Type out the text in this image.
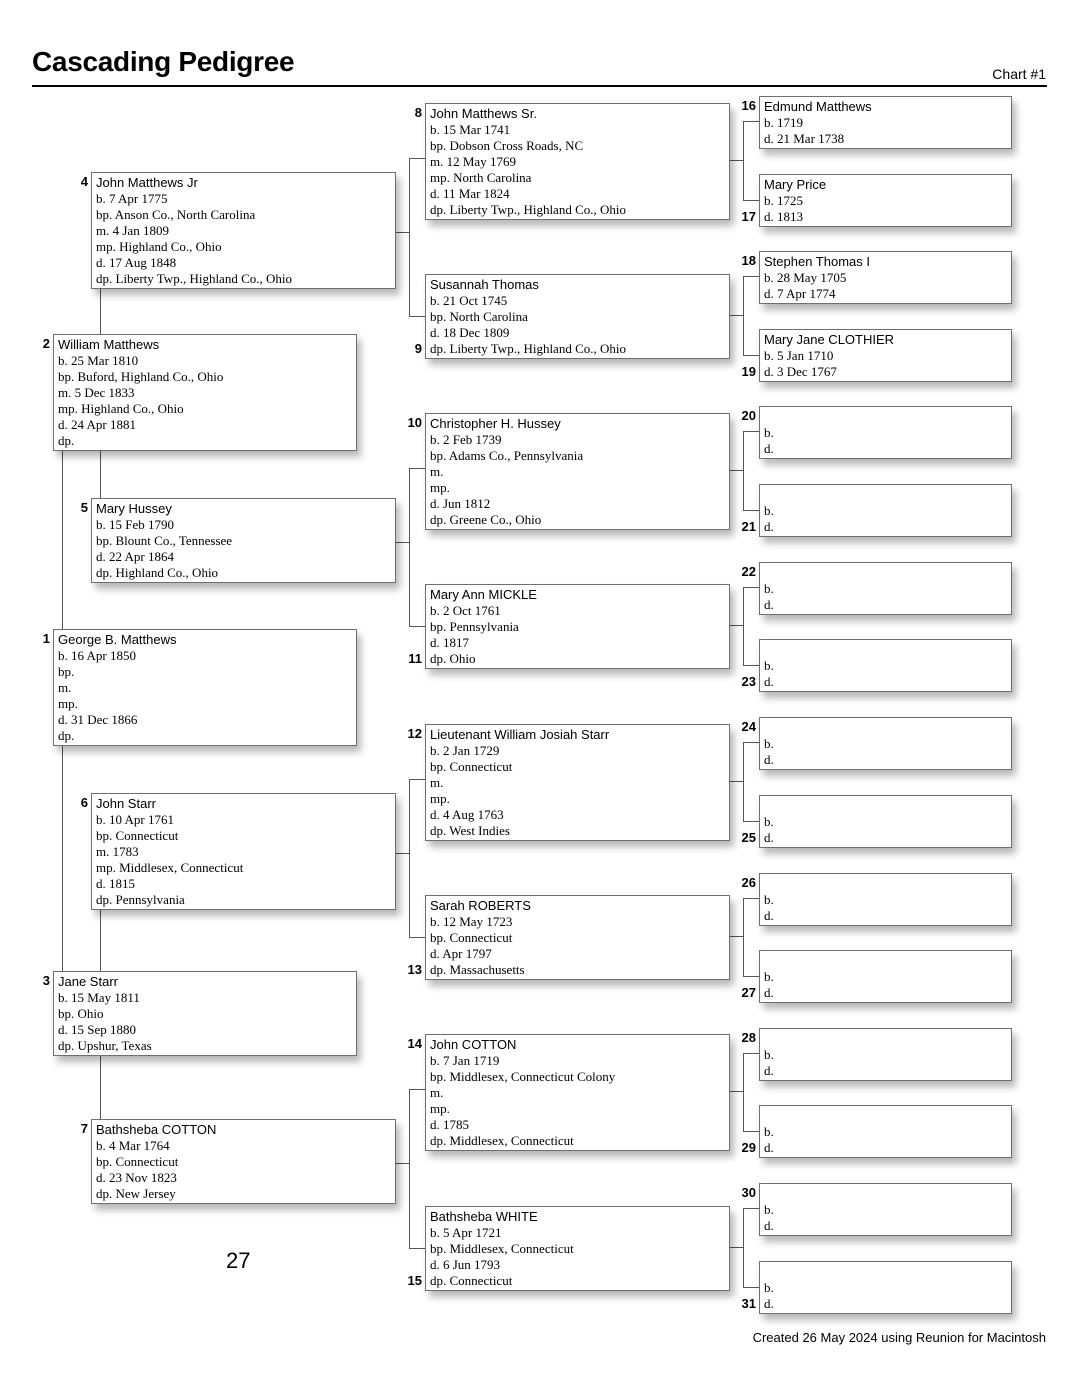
Cascading Pedigree	Chart #1
George B. Matthews
b. 16 Apr 1850
bp.
m.
mp.
d. 31 Dec 1866
dp.
1
William Matthews
b. 25 Mar 1810
bp. Buford, Highland Co., Ohio
m. 5 Dec 1833
mp. Highland Co., Ohio
d. 24 Apr 1881
dp.
2
Jane Starr
b. 15 May 1811
bp. Ohio
d. 15 Sep 1880
dp. Upshur, Texas
3
John Matthews Jr
b. 7 Apr 1775
bp. Anson Co., North Carolina
m. 4 Jan 1809
mp. Highland Co., Ohio
d. 17 Aug 1848
dp. Liberty Twp., Highland Co., Ohio
4
Mary Hussey
b. 15 Feb 1790
bp. Blount Co., Tennessee
d. 22 Apr 1864
dp. Highland Co., Ohio
5
John Starr
b. 10 Apr 1761
bp. Connecticut
m. 1783
mp. Middlesex, Connecticut
d. 1815
dp. Pennsylvania
6
Bathsheba COTTON
b. 4 Mar 1764
bp. Connecticut
d. 23 Nov 1823
dp. New Jersey
7
John Matthews Sr.
b. 15 Mar 1741
bp. Dobson Cross Roads, NC
m. 12 May 1769
mp. North Carolina
d. 11 Mar 1824
dp. Liberty Twp., Highland Co., Ohio
8
Susannah Thomas
b. 21 Oct 1745
bp. North Carolina
d. 18 Dec 1809
dp. Liberty Twp., Highland Co., Ohio
9
Christopher H. Hussey
b. 2 Feb 1739
bp. Adams Co., Pennsylvania
m.
mp.
d. Jun 1812
dp. Greene Co., Ohio
10
Mary Ann MICKLE
b. 2 Oct 1761
bp. Pennsylvania
d. 1817
dp. Ohio
11
Lieutenant William Josiah Starr
b. 2 Jan 1729
bp. Connecticut
m.
mp.
d. 4 Aug 1763
dp. West Indies
12
Sarah ROBERTS
b. 12 May 1723
bp. Connecticut
d. Apr 1797
dp. Massachusetts
13
John COTTON
b. 7 Jan 1719
bp. Middlesex, Connecticut Colony
m.
mp.
d. 1785
dp. Middlesex, Connecticut
14
Bathsheba WHITE
b. 5 Apr 1721
bp. Middlesex, Connecticut
d. 6 Jun 1793
dp. Connecticut
15
Edmund Matthews
b. 1719
d. 21 Mar 1738
16
Mary Price
b. 1725
d. 1813
17
Stephen Thomas I
b. 28 May 1705
d. 7 Apr 1774
18
Mary Jane CLOTHIER
b. 5 Jan 1710
d. 3 Dec 1767
19

b.
d.
20

b.
d.
21

b.
d.
22

b.
d.
23

b.
d.
24

b.
d.
25

b.
d.
26

b.
d.
27

b.
d.
28

b.
d.
29

b.
d.
30

b.
d.
31
27
Created 26 May 2024 using Reunion for Macintosh
